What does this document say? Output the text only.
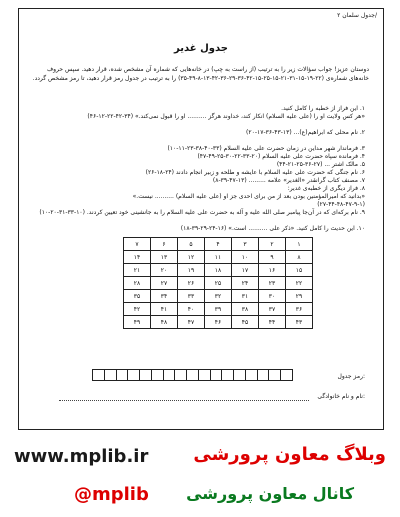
جدول سلمان ۲/
جدول غدیر
دوستان عزیز! جواب سؤالات زیر را به ترتیب (از راست به چپ) در خانه‌هایی که شماره آن مشخص شده، قرار دهید. سپس حروف خانه‌های شماره‌ی (۲۲-۱۹-۱۵-۳۱-۲۱-۱۵-۲۵-۱۵-۴۲-۳۶-۲۹-۳۶-۴۲-۱۳-۸-۴۹-۳۵) را به ترتیب در جدول رمز قرار دهید، تا رمز مشخص گردد.
۱. این فراز از خطبه را کامل کنید.
«هر کس ولایت او را (علی علیه السلام) انکار کند، خداوند هرگز .......... او را قبول نمی‌کند.» (۳۴-۴۲-۲۲-۱۲-۴۶)
۲. نام محلی که ابراهیم(ع)... (۱۳-۴۳-۳۶-۱۷-۲۰)
۳. فرماندار شهر مداین در زمان حضرت علی علیه السلام (۳۳-۴۰-۳۸-۲۳-۱۱-۱۰)
۴. فرمانده سپاه حضرت علی علیه السلام (۲۰-۳۳-۲۲-۳۰-۲۵-۴۹-۴۷)
۵. مالک اشتر ... (۲۷-۳۶-۲۵-۲۱-۴۴)
۶. نام جنگی که حضرت علی علیه السلام با عایشه و طلحه و زبیر انجام دادند (۲۴-۱۸-۲۶)
۷. مصنف کتاب گرانقدر «الغدیر» علامه ......... (۱۳-۴۷-۳۹-۸)
۸. فراز دیگری از خطبه‌ی غدیر:
«بدانید که امیرالمؤمنین بودن بعد از من برای احدی جز او (علی علیه السلام) .......... نیست.»
(۲۷-۴۴-۴۸-۴۷-۹-۱)
۹. نام برکه‌ای که در آن‌جا پیامبر صلی الله علیه و آله به حضرت علی علیه السلام را به جانشینی خود تعیین کردند. (۱۰-۳۳-۳۱-۲۰-۱۰)
۱۰. این حدیث را کامل کنید. «ذکر علی .......... است.» (۱۶-۲۴-۲۹-۳۹-۱۸)
۷	۶	۵	۴	۳	۲	۱
۱۴	۱۳	۱۲	۱۱	۱۰	۹	۸
۲۱	۲۰	۱۹	۱۸	۱۷	۱۶	۱۵
۲۸	۲۷	۲۶	۲۵	۲۴	۲۳	۲۲
۳۵	۳۴	۳۳	۳۲	۳۱	۳۰	۲۹
۴۲	۴۱	۴۰	۳۹	۳۸	۳۷	۳۶
۴۹	۴۸	۴۷	۴۶	۴۵	۴۴	۴۳
رمز جدول:
نام و نام خانوادگی:
www.mplib.ir	وبلاگ معاون پرورشی
کانال معاون پرورشی
@mplib
